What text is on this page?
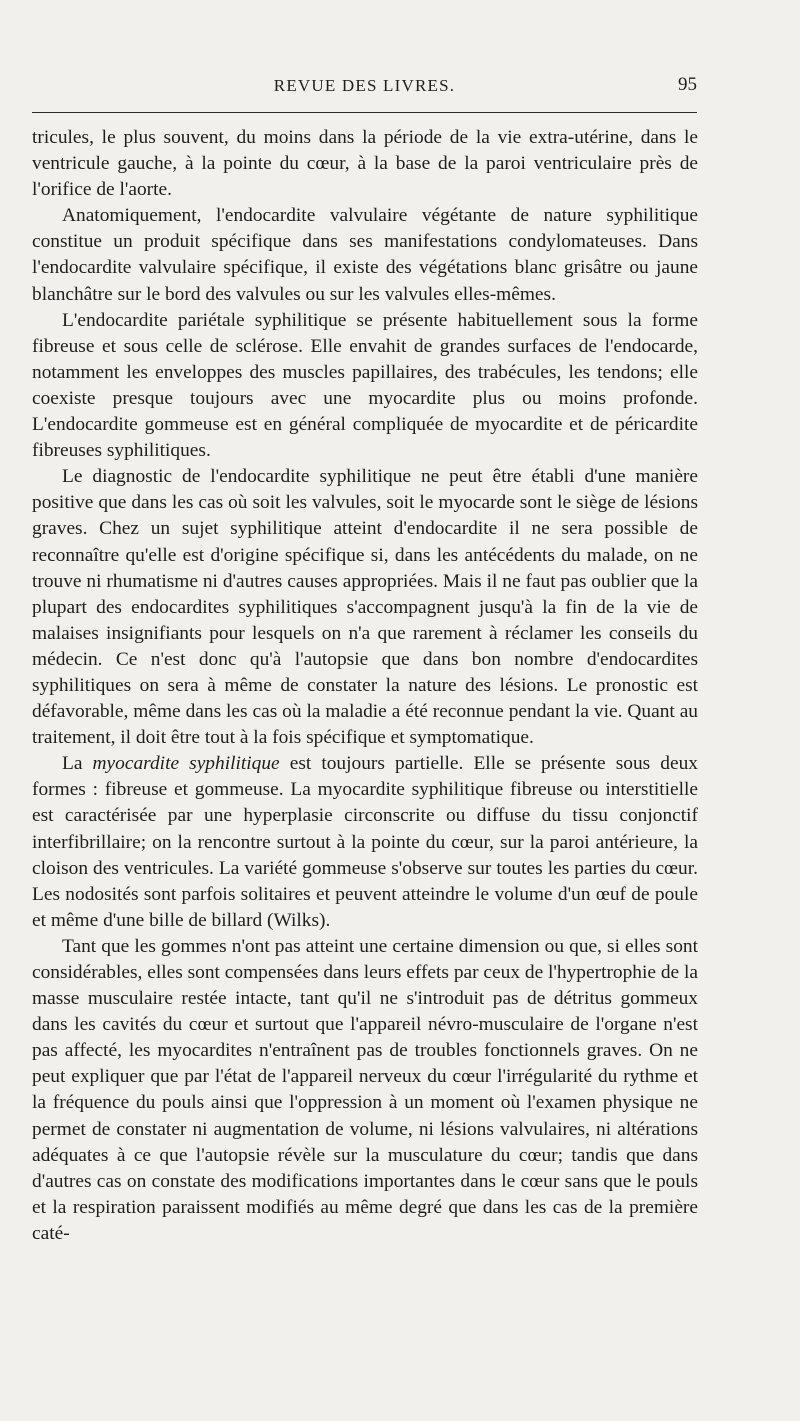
REVUE DES LIVRES.	95

tricules, le plus souvent, du moins dans la période de la vie extra-utérine, dans le ventricule gauche, à la pointe du cœur, à la base de la paroi ventriculaire près de l'orifice de l'aorte.

Anatomiquement, l'endocardite valvulaire végétante de nature syphilitique constitue un produit spécifique dans ses manifestations condylomateuses. Dans l'endocardite valvulaire spécifique, il existe des végétations blanc grisâtre ou jaune blanchâtre sur le bord des valvules ou sur les valvules elles-mêmes.

L'endocardite pariétale syphilitique se présente habituellement sous la forme fibreuse et sous celle de sclérose. Elle envahit de grandes surfaces de l'endocarde, notamment les enveloppes des muscles papillaires, des trabécules, les tendons; elle coexiste presque toujours avec une myocardite plus ou moins profonde. L'endocardite gommeuse est en général compliquée de myocardite et de péricardite fibreuses syphilitiques.

Le diagnostic de l'endocardite syphilitique ne peut être établi d'une manière positive que dans les cas où soit les valvules, soit le myocarde sont le siège de lésions graves. Chez un sujet syphilitique atteint d'endocardite il ne sera possible de reconnaître qu'elle est d'origine spécifique si, dans les antécédents du malade, on ne trouve ni rhumatisme ni d'autres causes appropriées. Mais il ne faut pas oublier que la plupart des endocardites syphilitiques s'accompagnent jusqu'à la fin de la vie de malaises insignifiants pour lesquels on n'a que rarement à réclamer les conseils du médecin. Ce n'est donc qu'à l'autopsie que dans bon nombre d'endocardites syphilitiques on sera à même de constater la nature des lésions. Le pronostic est défavorable, même dans les cas où la maladie a été reconnue pendant la vie. Quant au traitement, il doit être tout à la fois spécifique et symptomatique.

La myocardite syphilitique est toujours partielle. Elle se présente sous deux formes : fibreuse et gommeuse. La myocardite syphilitique fibreuse ou interstitielle est caractérisée par une hyperplasie circonscrite ou diffuse du tissu conjonctif interfibrillaire; on la rencontre surtout à la pointe du cœur, sur la paroi antérieure, la cloison des ventricules. La variété gommeuse s'observe sur toutes les parties du cœur. Les nodosités sont parfois solitaires et peuvent atteindre le volume d'un œuf de poule et même d'une bille de billard (Wilks).

Tant que les gommes n'ont pas atteint une certaine dimension ou que, si elles sont considérables, elles sont compensées dans leurs effets par ceux de l'hypertrophie de la masse musculaire restée intacte, tant qu'il ne s'introduit pas de détritus gommeux dans les cavités du cœur et surtout que l'appareil névro-musculaire de l'organe n'est pas affecté, les myocardites n'entraînent pas de troubles fonctionnels graves. On ne peut expliquer que par l'état de l'appareil nerveux du cœur l'irrégularité du rythme et la fréquence du pouls ainsi que l'oppression à un moment où l'examen physique ne permet de constater ni augmentation de volume, ni lésions valvulaires, ni altérations adéquates à ce que l'autopsie révèle sur la musculature du cœur; tandis que dans d'autres cas on constate des modifications importantes dans le cœur sans que le pouls et la respiration paraissent modifiés au même degré que dans les cas de la première caté-
